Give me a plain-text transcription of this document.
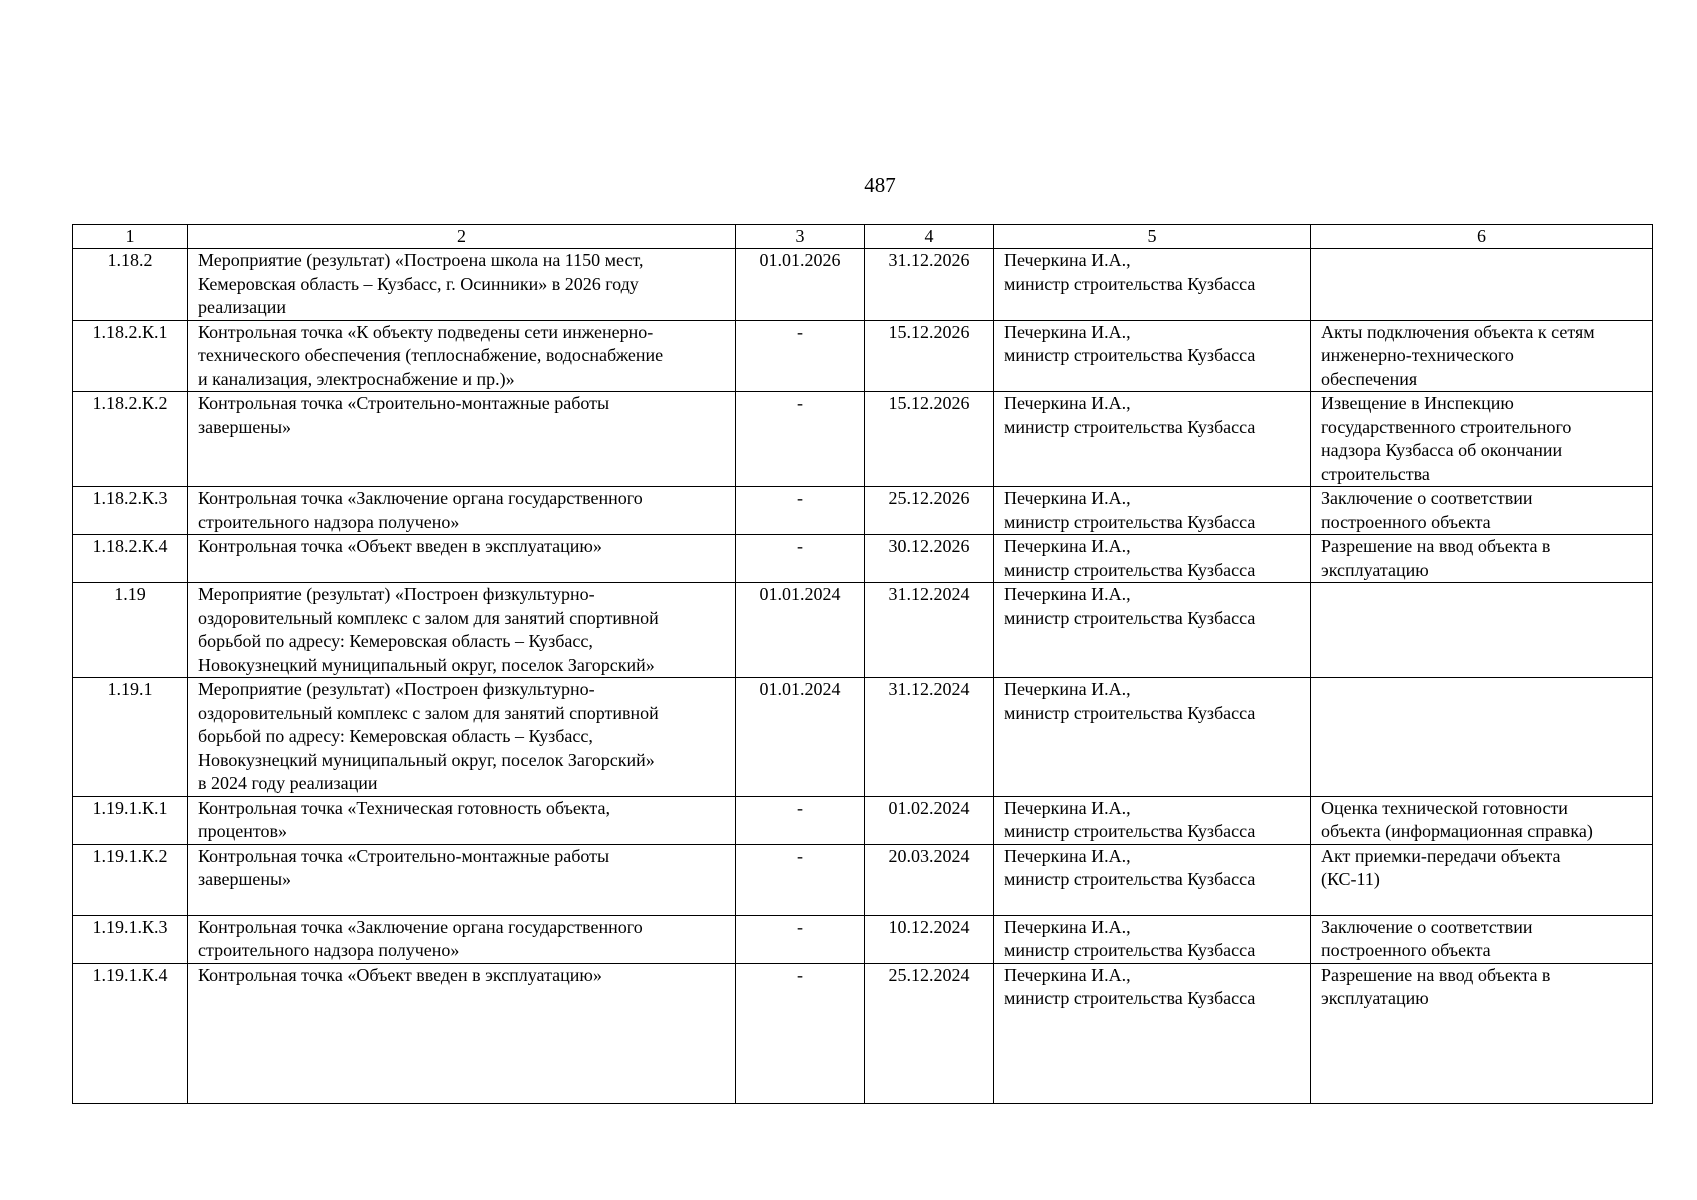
487
1	2	3	4	5	6
1.18.2	Мероприятие (результат) «Построена школа на 1150 мест,
Кемеровская область – Кузбасс, г. Осинники» в 2026 году
реализации	01.01.2026	31.12.2026	Печеркина И.А.,
министр строительства Кузбасса	

1.18.2.К.1	Контрольная точка «К объекту подведены сети инженерно-
технического обеспечения (теплоснабжение, водоснабжение
и канализация, электроснабжение и пр.)»	-	15.12.2026	Печеркина И.А.,
министр строительства Кузбасса	Акты подключения объекта к сетям
инженерно-технического
обеспечения

1.18.2.К.2	Контрольная точка «Строительно-монтажные работы
завершены»	-	15.12.2026	Печеркина И.А.,
министр строительства Кузбасса	Извещение в Инспекцию
государственного строительного
надзора Кузбасса об окончании
строительства

1.18.2.К.3	Контрольная точка «Заключение органа государственного
строительного надзора получено»	-	25.12.2026	Печеркина И.А.,
министр строительства Кузбасса	Заключение о соответствии
построенного объекта

1.18.2.К.4	Контрольная точка «Объект введен в эксплуатацию»	-	30.12.2026	Печеркина И.А.,
министр строительства Кузбасса	Разрешение на ввод объекта в
эксплуатацию

1.19	Мероприятие (результат) «Построен физкультурно-
оздоровительный комплекс с залом для занятий спортивной
борьбой по адресу: Кемеровская область – Кузбасс,
Новокузнецкий муниципальный округ, поселок Загорский»	01.01.2024	31.12.2024	Печеркина И.А.,
министр строительства Кузбасса	

1.19.1	Мероприятие (результат) «Построен физкультурно-
оздоровительный комплекс с залом для занятий спортивной
борьбой по адресу: Кемеровская область – Кузбасс,
Новокузнецкий муниципальный округ, поселок Загорский»
в 2024 году реализации	01.01.2024	31.12.2024	Печеркина И.А.,
министр строительства Кузбасса	

1.19.1.К.1	Контрольная точка «Техническая готовность объекта,
процентов»	-	01.02.2024	Печеркина И.А.,
министр строительства Кузбасса	Оценка технической готовности
объекта (информационная справка)

1.19.1.К.2	Контрольная точка «Строительно-монтажные работы
завершены»	-	20.03.2024	Печеркина И.А.,
министр строительства Кузбасса	Акт приемки-передачи объекта
(КС-11)

1.19.1.К.3	Контрольная точка «Заключение органа государственного
строительного надзора получено»	-	10.12.2024	Печеркина И.А.,
министр строительства Кузбасса	Заключение о соответствии
построенного объекта

1.19.1.К.4	Контрольная точка «Объект введен в эксплуатацию»	-	25.12.2024	Печеркина И.А.,
министр строительства Кузбасса	Разрешение на ввод объекта в
эксплуатацию
